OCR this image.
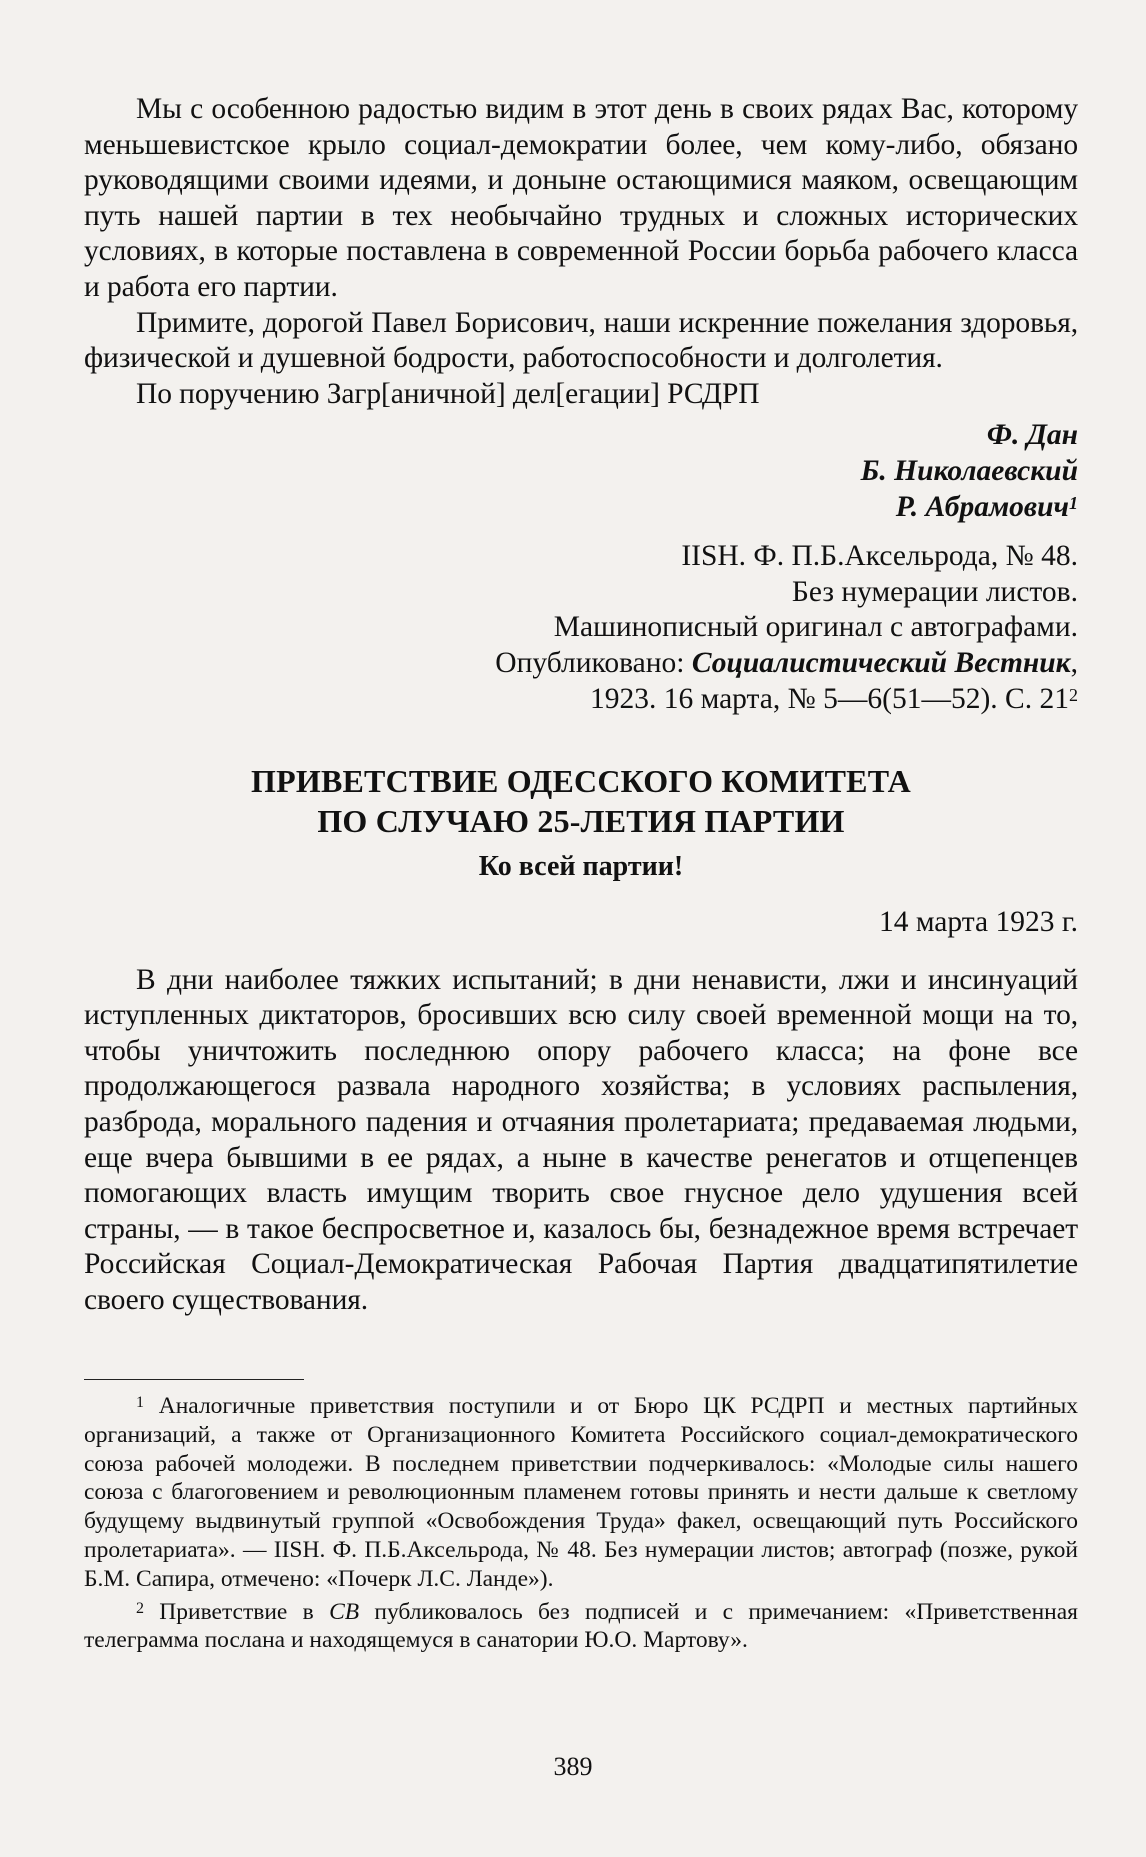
Мы с особенною радостью видим в этот день в своих рядах Вас, которому меньшевистское крыло социал-демократии более, чем кому-либо, обязано руководящими своими идеями, и доныне остающимися маяком, освещающим путь нашей партии в тех необычайно трудных и сложных исторических условиях, в которые поставлена в современной России борьба рабочего класса и работа его партии.

Примите, дорогой Павел Борисович, наши искренние пожелания здоровья, физической и душевной бодрости, работоспособности и долголетия.

По поручению Загр[аничной] дел[егации] РСДРП

Ф. Дан

Б. Николаевский

Р. Абрамович$^1$

IISH. Ф. П.Б.Аксельрода, № 48.

Без нумерации листов.

Машинописный оригинал с автографами.

Опубликовано: Социалистический Вестник,

1923. 16 марта, № 5—6(51—52). С. $21^2$

ПРИВЕТСТВИЕ ОДЕССКОГО КОМИТЕТА
ПО СЛУЧАЮ 25-ЛЕТИЯ ПАРТИИ

Ко всей партии!

14 марта 1923 г.

В дни наиболее тяжких испытаний; в дни ненависти, лжи и инсинуаций иступленных диктаторов, бросивших всю силу своей временной мощи на то, чтобы уничтожить последнюю опору рабочего класса; на фоне все продолжающегося развала народного хозяйства; в условиях распыления, разброда, морального падения и отчаяния пролетариата; предаваемая людьми, еще вчера бывшими в ее рядах, а ныне в качестве ренегатов и отщепенцев помогающих власть имущим творить свое гнусное дело удушения всей страны, — в такое беспросветное и, казалось бы, безнадежное время встречает Российская Социал-Демократическая Рабочая Партия двадцатипятилетие своего существования.

$^1$ Аналогичные приветствия поступили и от Бюро ЦК РСДРП и местных партийных организаций, а также от Организационного Комитета Российского социал-демократического союза рабочей молодежи. В последнем приветствии подчеркивалось: «Молодые силы нашего союза с благоговением и революционным пламенем готовы принять и нести дальше к светлому будущему выдвинутый группой «Освобождения Труда» факел, освещающий путь Российского пролетариата». — IISH. Ф. П.Б.Аксельрода, № 48. Без нумерации листов; автограф (позже, рукой Б.М. Сапира, отмечено: «Почерк Л.С. Ланде»).

$^2$ Приветствие в СВ публиковалось без подписей и с примечанием: «Приветственная телеграмма послана и находящемуся в санатории Ю.О. Мартову».

389
